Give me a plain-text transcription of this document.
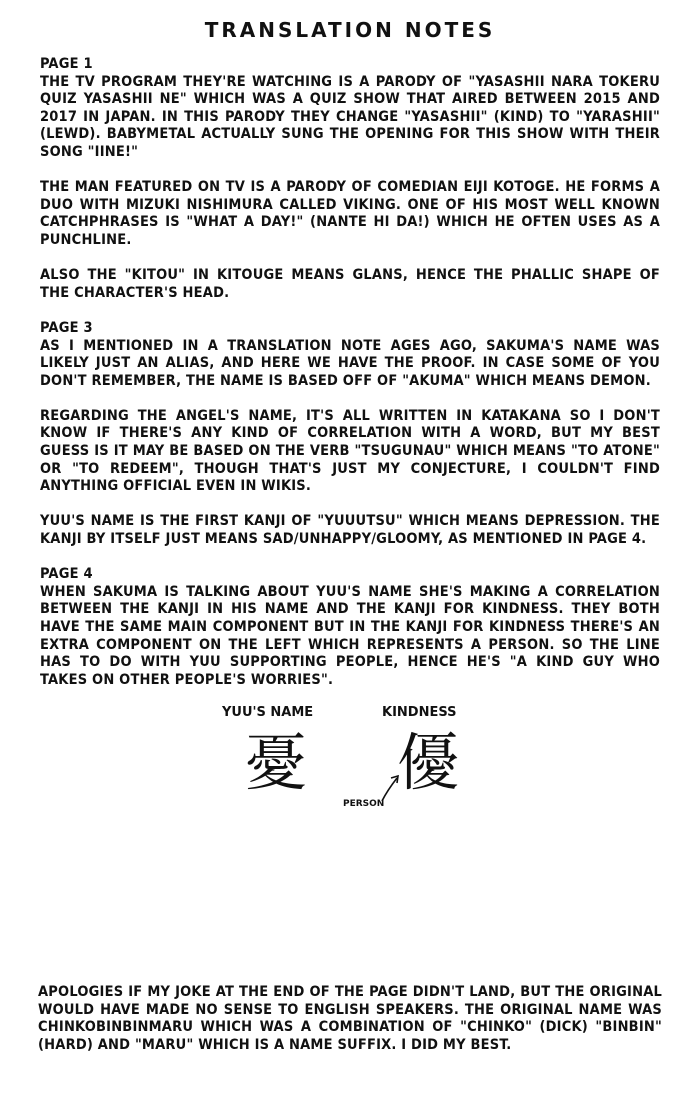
TRANSLATION NOTES

PAGE 1

THE TV PROGRAM THEY'RE WATCHING IS A PARODY OF "YASASHII NARA TOKERU QUIZ YASASHII NE" WHICH WAS A QUIZ SHOW THAT AIRED BETWEEN 2015 AND 2017 IN JAPAN. IN THIS PARODY THEY CHANGE "YASASHII" (KIND) TO "YARASHII" (LEWD). BABYMETAL ACTUALLY SUNG THE OPENING FOR THIS SHOW WITH THEIR SONG "IINE!"

THE MAN FEATURED ON TV IS A PARODY OF COMEDIAN EIJI KOTOGE. HE FORMS A DUO WITH MIZUKI NISHIMURA CALLED VIKING. ONE OF HIS MOST WELL KNOWN CATCHPHRASES IS "WHAT A DAY!" (NANTE HI DA!) WHICH HE OFTEN USES AS A PUNCHLINE.

ALSO THE "KITOU" IN KITOUGE MEANS GLANS, HENCE THE PHALLIC SHAPE OF THE CHARACTER'S HEAD.

PAGE 3

AS I MENTIONED IN A TRANSLATION NOTE AGES AGO, SAKUMA'S NAME WAS LIKELY JUST AN ALIAS, AND HERE WE HAVE THE PROOF. IN CASE SOME OF YOU DON'T REMEMBER, THE NAME IS BASED OFF OF "AKUMA" WHICH MEANS DEMON.

REGARDING THE ANGEL'S NAME, IT'S ALL WRITTEN IN KATAKANA SO I DON'T KNOW IF THERE'S ANY KIND OF CORRELATION WITH A WORD, BUT MY BEST GUESS IS IT MAY BE BASED ON THE VERB "TSUGUNAU" WHICH MEANS "TO ATONE" OR "TO REDEEM", THOUGH THAT'S JUST MY CONJECTURE, I COULDN'T FIND ANYTHING OFFICIAL EVEN IN WIKIS.

YUU'S NAME IS THE FIRST KANJI OF "YUUUTSU" WHICH MEANS DEPRESSION. THE KANJI BY ITSELF JUST MEANS SAD/UNHAPPY/GLOOMY, AS MENTIONED IN PAGE 4.

PAGE 4

WHEN SAKUMA IS TALKING ABOUT YUU'S NAME SHE'S MAKING A CORRELATION BETWEEN THE KANJI IN HIS NAME AND THE KANJI FOR KINDNESS. THEY BOTH HAVE THE SAME MAIN COMPONENT BUT IN THE KANJI FOR KINDNESS THERE'S AN EXTRA COMPONENT ON THE LEFT WHICH REPRESENTS A PERSON. SO THE LINE HAS TO DO WITH YUU SUPPORTING PEOPLE, HENCE HE'S "A KIND GUY WHO TAKES ON OTHER PEOPLE'S WORRIES".

YUU'S NAME	KINDNESS
憂 優
PERSON

APOLOGIES IF MY JOKE AT THE END OF THE PAGE DIDN'T LAND, BUT THE ORIGINAL WOULD HAVE MADE NO SENSE TO ENGLISH SPEAKERS. THE ORIGINAL NAME WAS CHINKOBINBINMARU WHICH WAS A COMBINATION OF "CHINKO" (DICK) "BINBIN" (HARD) AND "MARU" WHICH IS A NAME SUFFIX. I DID MY BEST.
